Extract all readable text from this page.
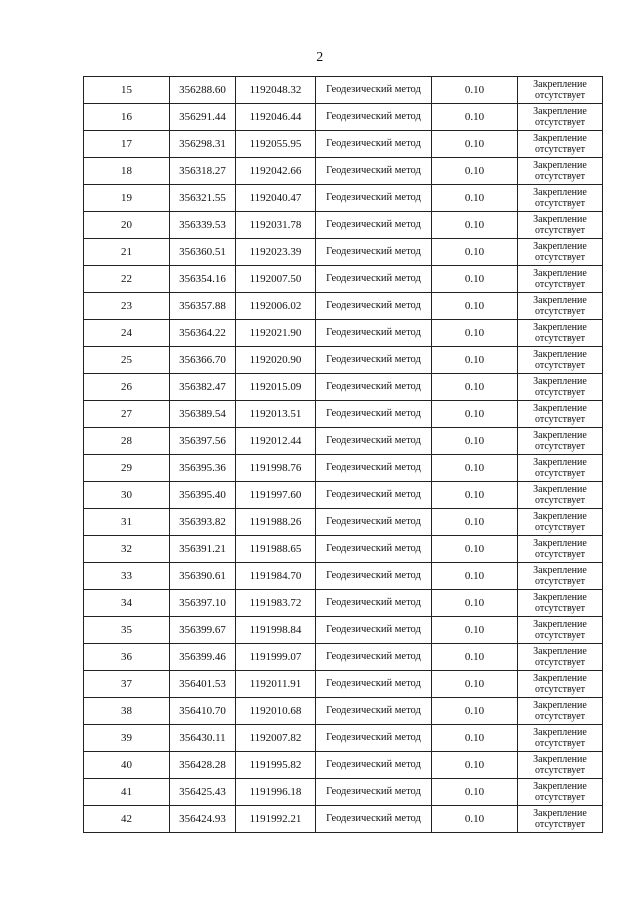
2
15	356288.60	1192048.32	Геодезический метод	0.10	Закрепление
отсутствует

16	356291.44	1192046.44	Геодезический метод	0.10	Закрепление
отсутствует

17	356298.31	1192055.95	Геодезический метод	0.10	Закрепление
отсутствует

18	356318.27	1192042.66	Геодезический метод	0.10	Закрепление
отсутствует

19	356321.55	1192040.47	Геодезический метод	0.10	Закрепление
отсутствует

20	356339.53	1192031.78	Геодезический метод	0.10	Закрепление
отсутствует

21	356360.51	1192023.39	Геодезический метод	0.10	Закрепление
отсутствует

22	356354.16	1192007.50	Геодезический метод	0.10	Закрепление
отсутствует

23	356357.88	1192006.02	Геодезический метод	0.10	Закрепление
отсутствует

24	356364.22	1192021.90	Геодезический метод	0.10	Закрепление
отсутствует

25	356366.70	1192020.90	Геодезический метод	0.10	Закрепление
отсутствует

26	356382.47	1192015.09	Геодезический метод	0.10	Закрепление
отсутствует

27	356389.54	1192013.51	Геодезический метод	0.10	Закрепление
отсутствует

28	356397.56	1192012.44	Геодезический метод	0.10	Закрепление
отсутствует

29	356395.36	1191998.76	Геодезический метод	0.10	Закрепление
отсутствует

30	356395.40	1191997.60	Геодезический метод	0.10	Закрепление
отсутствует

31	356393.82	1191988.26	Геодезический метод	0.10	Закрепление
отсутствует

32	356391.21	1191988.65	Геодезический метод	0.10	Закрепление
отсутствует

33	356390.61	1191984.70	Геодезический метод	0.10	Закрепление
отсутствует

34	356397.10	1191983.72	Геодезический метод	0.10	Закрепление
отсутствует

35	356399.67	1191998.84	Геодезический метод	0.10	Закрепление
отсутствует

36	356399.46	1191999.07	Геодезический метод	0.10	Закрепление
отсутствует

37	356401.53	1192011.91	Геодезический метод	0.10	Закрепление
отсутствует

38	356410.70	1192010.68	Геодезический метод	0.10	Закрепление
отсутствует

39	356430.11	1192007.82	Геодезический метод	0.10	Закрепление
отсутствует

40	356428.28	1191995.82	Геодезический метод	0.10	Закрепление
отсутствует

41	356425.43	1191996.18	Геодезический метод	0.10	Закрепление
отсутствует

42	356424.93	1191992.21	Геодезический метод	0.10	Закрепление
отсутствует
